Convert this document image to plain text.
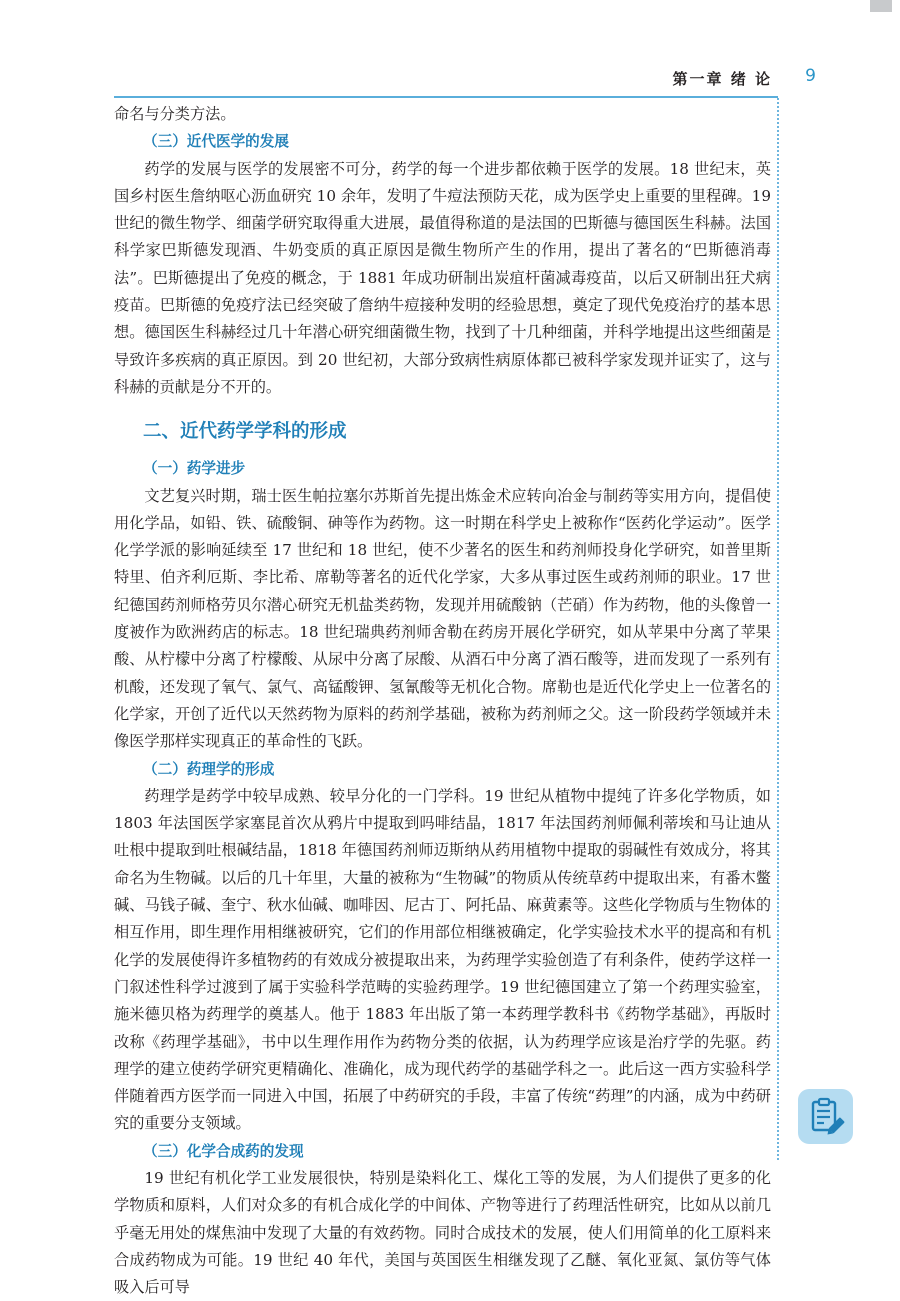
第一章 绪 论 9

命名与分类方法。

（三）近代医学的发展

药学的发展与医学的发展密不可分，药学的每一个进步都依赖于医学的发展。18 世纪末，英国乡村医生詹纳呕心沥血研究 10 余年，发明了牛痘法预防天花，成为医学史上重要的里程碑。19 世纪的微生物学、细菌学研究取得重大进展，最值得称道的是法国的巴斯德与德国医生科赫。法国科学家巴斯德发现酒、牛奶变质的真正原因是微生物所产生的作用，提出了著名的“巴斯德消毒法”。巴斯德提出了免疫的概念，于 1881 年成功研制出炭疽杆菌减毒疫苗，以后又研制出狂犬病疫苗。巴斯德的免疫疗法已经突破了詹纳牛痘接种发明的经验思想，奠定了现代免疫治疗的基本思想。德国医生科赫经过几十年潜心研究细菌微生物，找到了十几种细菌，并科学地提出这些细菌是导致许多疾病的真正原因。到 20 世纪初，大部分致病性病原体都已被科学家发现并证实了，这与科赫的贡献是分不开的。

二、近代药学学科的形成
（一）药学进步

文艺复兴时期，瑞士医生帕拉塞尔苏斯首先提出炼金术应转向冶金与制药等实用方向，提倡使用化学品，如铅、铁、硫酸铜、砷等作为药物。这一时期在科学史上被称作“医药化学运动”。医学化学学派的影响延续至 17 世纪和 18 世纪，使不少著名的医生和药剂师投身化学研究，如普里斯特里、伯齐利厄斯、李比希、席勒等著名的近代化学家，大多从事过医生或药剂师的职业。17 世纪德国药剂师格劳贝尔潜心研究无机盐类药物，发现并用硫酸钠（芒硝）作为药物，他的头像曾一度被作为欧洲药店的标志。18 世纪瑞典药剂师舍勒在药房开展化学研究，如从苹果中分离了苹果酸、从柠檬中分离了柠檬酸、从尿中分离了尿酸、从酒石中分离了酒石酸等，进而发现了一系列有机酸，还发现了氧气、氯气、高锰酸钾、氢氰酸等无机化合物。席勒也是近代化学史上一位著名的化学家，开创了近代以天然药物为原料的药剂学基础，被称为药剂师之父。这一阶段药学领域并未像医学那样实现真正的革命性的飞跃。

（二）药理学的形成

药理学是药学中较早成熟、较早分化的一门学科。19 世纪从植物中提纯了许多化学物质，如 1803 年法国医学家塞昆首次从鸦片中提取到吗啡结晶，1817 年法国药剂师佩利蒂埃和马让迪从吐根中提取到吐根碱结晶，1818 年德国药剂师迈斯纳从药用植物中提取的弱碱性有效成分，将其命名为生物碱。以后的几十年里，大量的被称为“生物碱”的物质从传统草药中提取出来，有番木鳖碱、马钱子碱、奎宁、秋水仙碱、咖啡因、尼古丁、阿托品、麻黄素等。这些化学物质与生物体的相互作用，即生理作用相继被研究，它们的作用部位相继被确定，化学实验技术水平的提高和有机化学的发展使得许多植物药的有效成分被提取出来，为药理学实验创造了有利条件，使药学这样一门叙述性科学过渡到了属于实验科学范畴的实验药理学。19 世纪德国建立了第一个药理实验室，施米德贝格为药理学的奠基人。他于 1883 年出版了第一本药理学教科书《药物学基础》，再版时改称《药理学基础》，书中以生理作用作为药物分类的依据，认为药理学应该是治疗学的先驱。药理学的建立使药学研究更精确化、准确化，成为现代药学的基础学科之一。此后这一西方实验科学伴随着西方医学而一同进入中国，拓展了中药研究的手段，丰富了传统“药理”的内涵，成为中药研究的重要分支领域。

（三）化学合成药的发现

19 世纪有机化学工业发展很快，特别是染料化工、煤化工等的发展，为人们提供了更多的化学物质和原料，人们对众多的有机合成化学的中间体、产物等进行了药理活性研究，比如从以前几乎毫无用处的煤焦油中发现了大量的有效药物。同时合成技术的发展，使人们用简单的化工原料来合成药物成为可能。19 世纪 40 年代，美国与英国医生相继发现了乙醚、氧化亚氮、氯仿等气体吸入后可导
